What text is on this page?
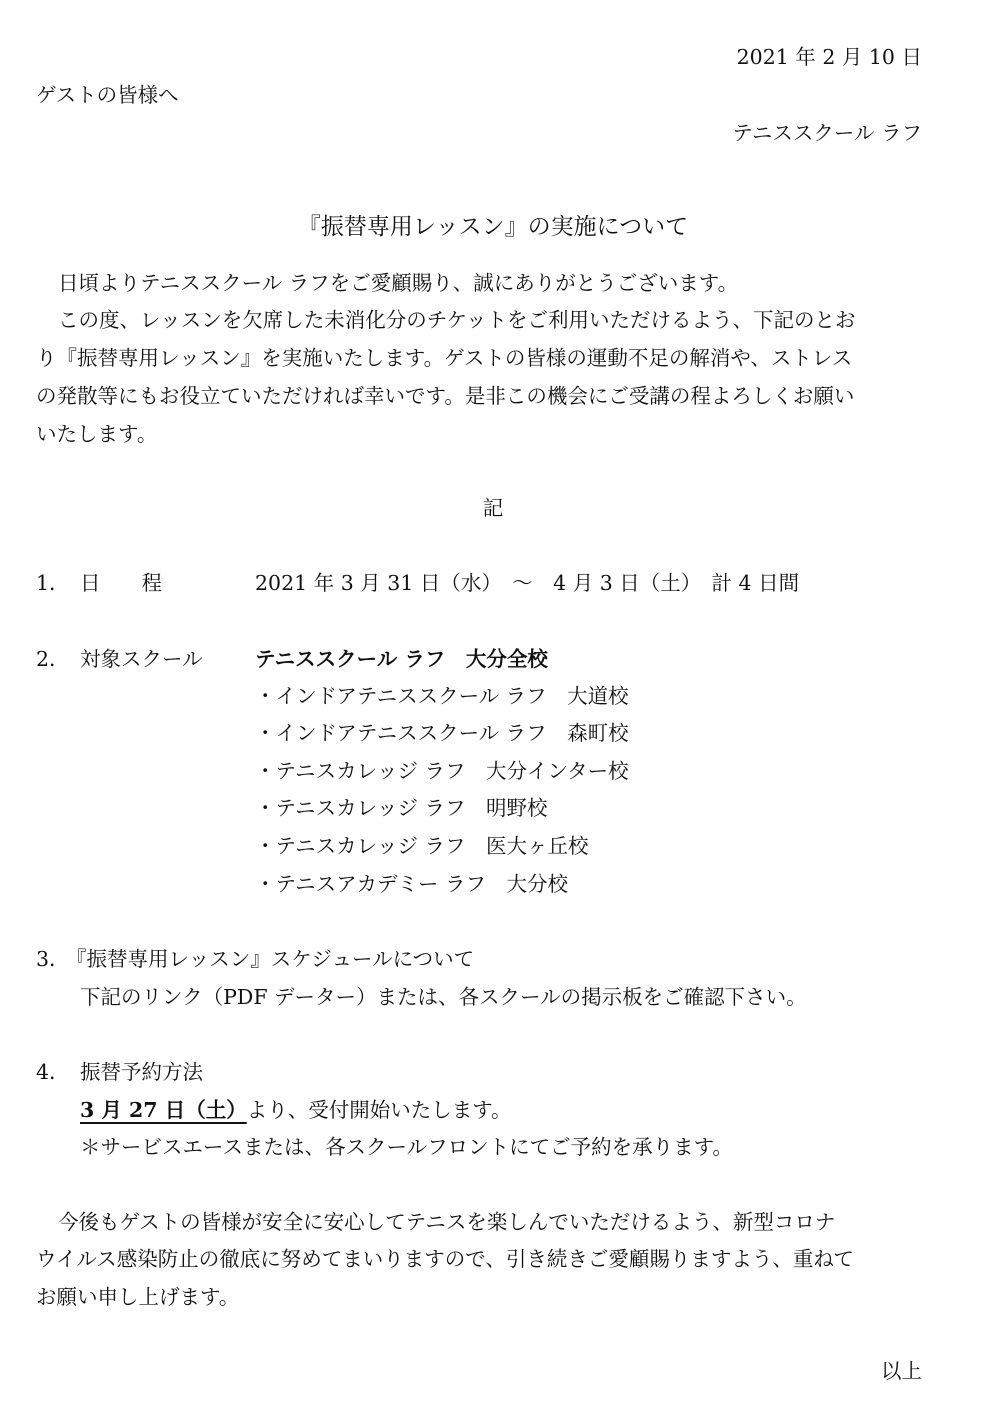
2021 年 2 月 10 日
ゲストの皆様へ
テニススクール ラフ
『振替専用レッスン』の実施について
日頃よりテニススクール ラフをご愛顧賜り、誠にありがとうございます。
この度、レッスンを欠席した未消化分のチケットをご利用いただけるよう、下記のとお
り『振替専用レッスン』を実施いたします。ゲストの皆様の運動不足の解消や、ストレス
の発散等にもお役立ていただければ幸いです。是非この機会にご受講の程よろしくお願い
いたします。
記
1． 日　　程	2021 年 3 月 31 日（水）　～　4 月 3 日（土）　計 4 日間
2． 対象スクール	テニススクール ラフ　大分全校
・インドアテニススクール ラフ　大道校
・インドアテニススクール ラフ　森町校
・テニスカレッジ ラフ　大分インター校
・テニスカレッジ ラフ　明野校
・テニスカレッジ ラフ　医大ヶ丘校
・テニスアカデミー ラフ　大分校
3．
『振替専用レッスン』スケジュールについて
下記のリンク（PDF データー）または、各スクールの掲示板をご確認下さい。
4． 振替予約方法
3 月 27 日（土）より、受付開始いたします。
＊サービスエースまたは、各スクールフロントにてご予約を承ります。
今後もゲストの皆様が安全に安心してテニスを楽しんでいただけるよう、新型コロナ
ウイルス感染防止の徹底に努めてまいりますので、引き続きご愛顧賜りますよう、重ねて
お願い申し上げます。
以上
